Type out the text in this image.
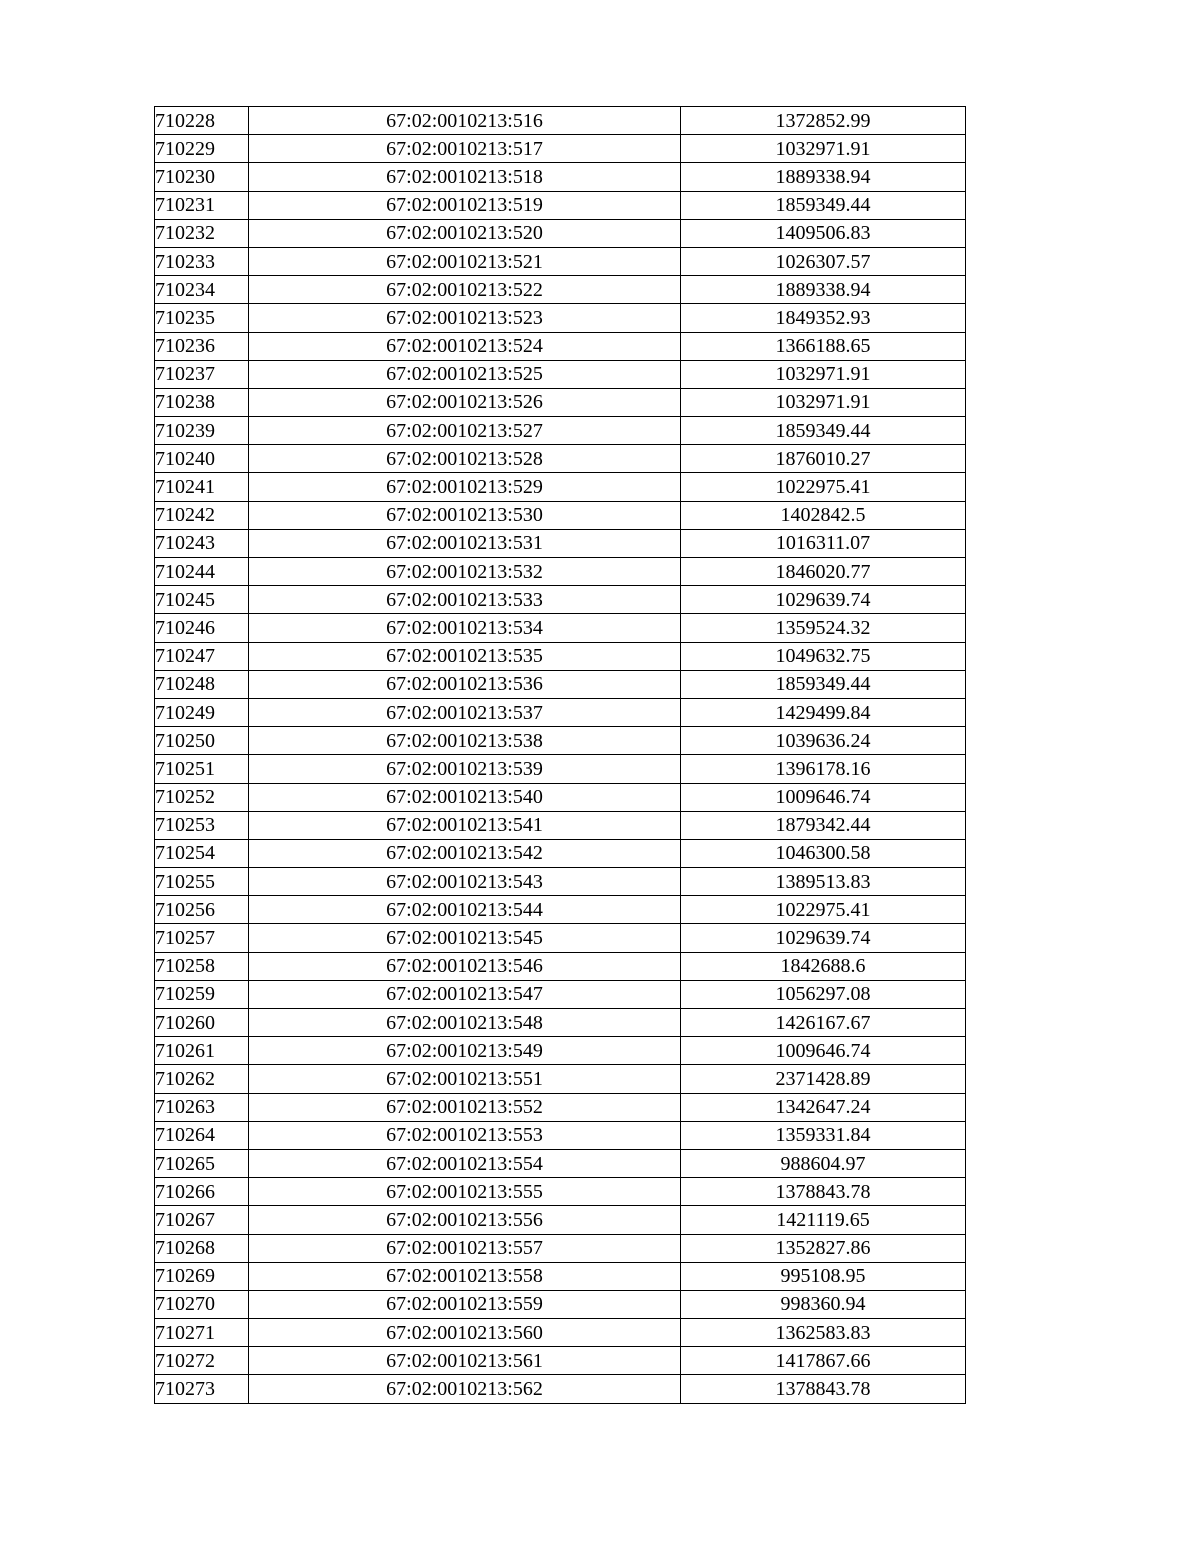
710228	67:02:0010213:516	1372852.99
710229	67:02:0010213:517	1032971.91
710230	67:02:0010213:518	1889338.94
710231	67:02:0010213:519	1859349.44
710232	67:02:0010213:520	1409506.83
710233	67:02:0010213:521	1026307.57
710234	67:02:0010213:522	1889338.94
710235	67:02:0010213:523	1849352.93
710236	67:02:0010213:524	1366188.65
710237	67:02:0010213:525	1032971.91
710238	67:02:0010213:526	1032971.91
710239	67:02:0010213:527	1859349.44
710240	67:02:0010213:528	1876010.27
710241	67:02:0010213:529	1022975.41
710242	67:02:0010213:530	1402842.5
710243	67:02:0010213:531	1016311.07
710244	67:02:0010213:532	1846020.77
710245	67:02:0010213:533	1029639.74
710246	67:02:0010213:534	1359524.32
710247	67:02:0010213:535	1049632.75
710248	67:02:0010213:536	1859349.44
710249	67:02:0010213:537	1429499.84
710250	67:02:0010213:538	1039636.24
710251	67:02:0010213:539	1396178.16
710252	67:02:0010213:540	1009646.74
710253	67:02:0010213:541	1879342.44
710254	67:02:0010213:542	1046300.58
710255	67:02:0010213:543	1389513.83
710256	67:02:0010213:544	1022975.41
710257	67:02:0010213:545	1029639.74
710258	67:02:0010213:546	1842688.6
710259	67:02:0010213:547	1056297.08
710260	67:02:0010213:548	1426167.67
710261	67:02:0010213:549	1009646.74
710262	67:02:0010213:551	2371428.89
710263	67:02:0010213:552	1342647.24
710264	67:02:0010213:553	1359331.84
710265	67:02:0010213:554	988604.97
710266	67:02:0010213:555	1378843.78
710267	67:02:0010213:556	1421119.65
710268	67:02:0010213:557	1352827.86
710269	67:02:0010213:558	995108.95
710270	67:02:0010213:559	998360.94
710271	67:02:0010213:560	1362583.83
710272	67:02:0010213:561	1417867.66
710273	67:02:0010213:562	1378843.78
